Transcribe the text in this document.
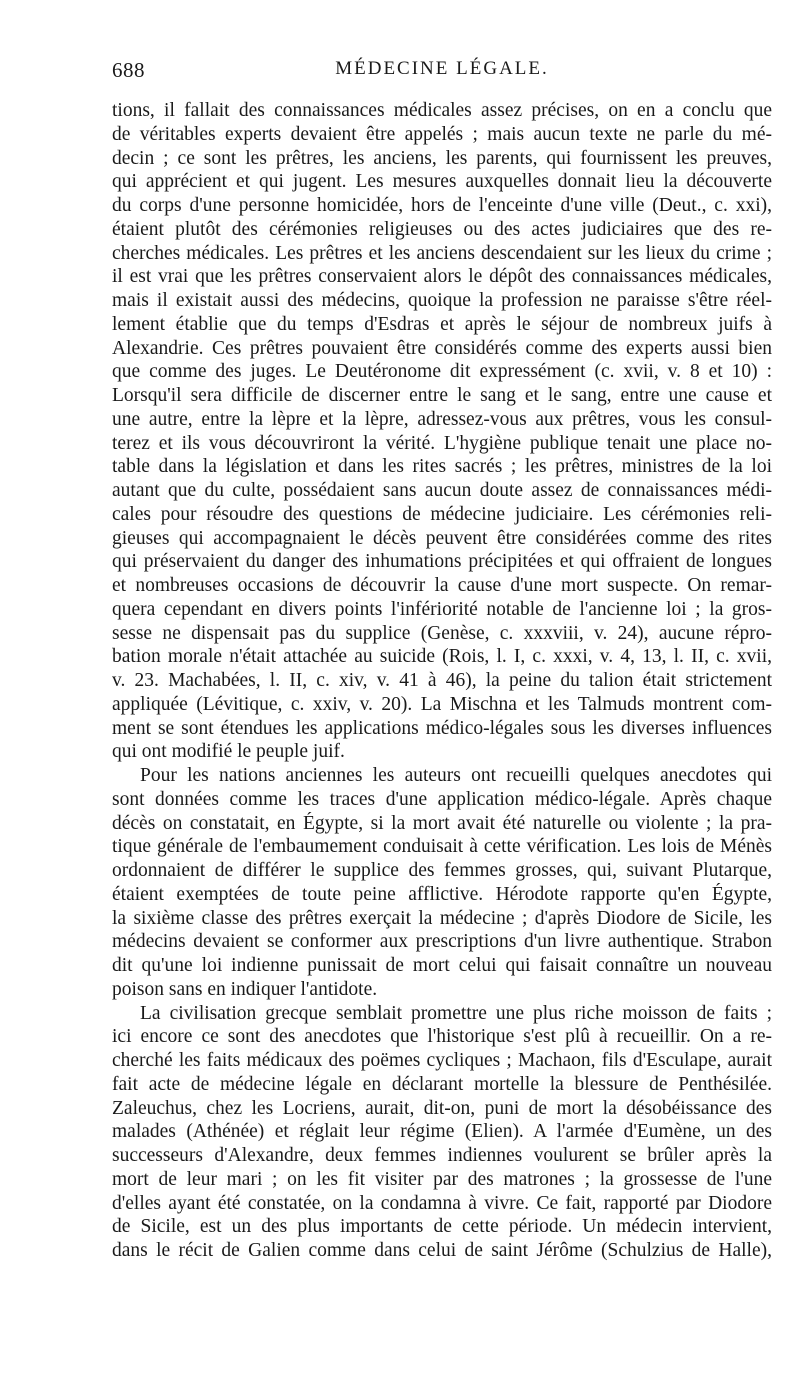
688	MÉDECINE LÉGALE.
tions, il fallait des connaissances médicales assez précises, on en a conclu que
de véritables experts devaient être appelés ; mais aucun texte ne parle du mé-
decin ; ce sont les prêtres, les anciens, les parents, qui fournissent les preuves,
qui apprécient et qui jugent. Les mesures auxquelles donnait lieu la découverte
du corps d'une personne homicidée, hors de l'enceinte d'une ville (Deut., c. xxi),
étaient plutôt des cérémonies religieuses ou des actes judiciaires que des re-
cherches médicales. Les prêtres et les anciens descendaient sur les lieux du crime ;
il est vrai que les prêtres conservaient alors le dépôt des connaissances médicales,
mais il existait aussi des médecins, quoique la profession ne paraisse s'être réel-
lement établie que du temps d'Esdras et après le séjour de nombreux juifs à
Alexandrie. Ces prêtres pouvaient être considérés comme des experts aussi bien
que comme des juges. Le Deutéronome dit expressément (c. xvii, v. 8 et 10) :
Lorsqu'il sera difficile de discerner entre le sang et le sang, entre une cause et
une autre, entre la lèpre et la lèpre, adressez-vous aux prêtres, vous les consul-
terez et ils vous découvriront la vérité. L'hygiène publique tenait une place no-
table dans la législation et dans les rites sacrés ; les prêtres, ministres de la loi
autant que du culte, possédaient sans aucun doute assez de connaissances médi-
cales pour résoudre des questions de médecine judiciaire. Les cérémonies reli-
gieuses qui accompagnaient le décès peuvent être considérées comme des rites
qui préservaient du danger des inhumations précipitées et qui offraient de longues
et nombreuses occasions de découvrir la cause d'une mort suspecte. On remar-
quera cependant en divers points l'infériorité notable de l'ancienne loi ; la gros-
sesse ne dispensait pas du supplice (Genèse, c. xxxviii, v. 24), aucune répro-
bation morale n'était attachée au suicide (Rois, l. I, c. xxxi, v. 4, 13, l. II, c. xvii,
v. 23. Machabées, l. II, c. xiv, v. 41 à 46), la peine du talion était strictement
appliquée (Lévitique, c. xxiv, v. 20). La Mischna et les Talmuds montrent com-
ment se sont étendues les applications médico-légales sous les diverses influences
qui ont modifié le peuple juif.
Pour les nations anciennes les auteurs ont recueilli quelques anecdotes qui
sont données comme les traces d'une application médico-légale. Après chaque
décès on constatait, en Égypte, si la mort avait été naturelle ou violente ; la pra-
tique générale de l'embaumement conduisait à cette vérification. Les lois de Ménès
ordonnaient de différer le supplice des femmes grosses, qui, suivant Plutarque,
étaient exemptées de toute peine afflictive. Hérodote rapporte qu'en Égypte,
la sixième classe des prêtres exerçait la médecine ; d'après Diodore de Sicile, les
médecins devaient se conformer aux prescriptions d'un livre authentique. Strabon
dit qu'une loi indienne punissait de mort celui qui faisait connaître un nouveau
poison sans en indiquer l'antidote.
La civilisation grecque semblait promettre une plus riche moisson de faits ;
ici encore ce sont des anecdotes que l'historique s'est plû à recueillir. On a re-
cherché les faits médicaux des poëmes cycliques ; Machaon, fils d'Esculape, aurait
fait acte de médecine légale en déclarant mortelle la blessure de Penthésilée.
Zaleuchus, chez les Locriens, aurait, dit-on, puni de mort la désobéissance des
malades (Athénée) et réglait leur régime (Elien). A l'armée d'Eumène, un des
successeurs d'Alexandre, deux femmes indiennes voulurent se brûler après la
mort de leur mari ; on les fit visiter par des matrones ; la grossesse de l'une
d'elles ayant été constatée, on la condamna à vivre. Ce fait, rapporté par Diodore
de Sicile, est un des plus importants de cette période. Un médecin intervient,
dans le récit de Galien comme dans celui de saint Jérôme (Schulzius de Halle),
